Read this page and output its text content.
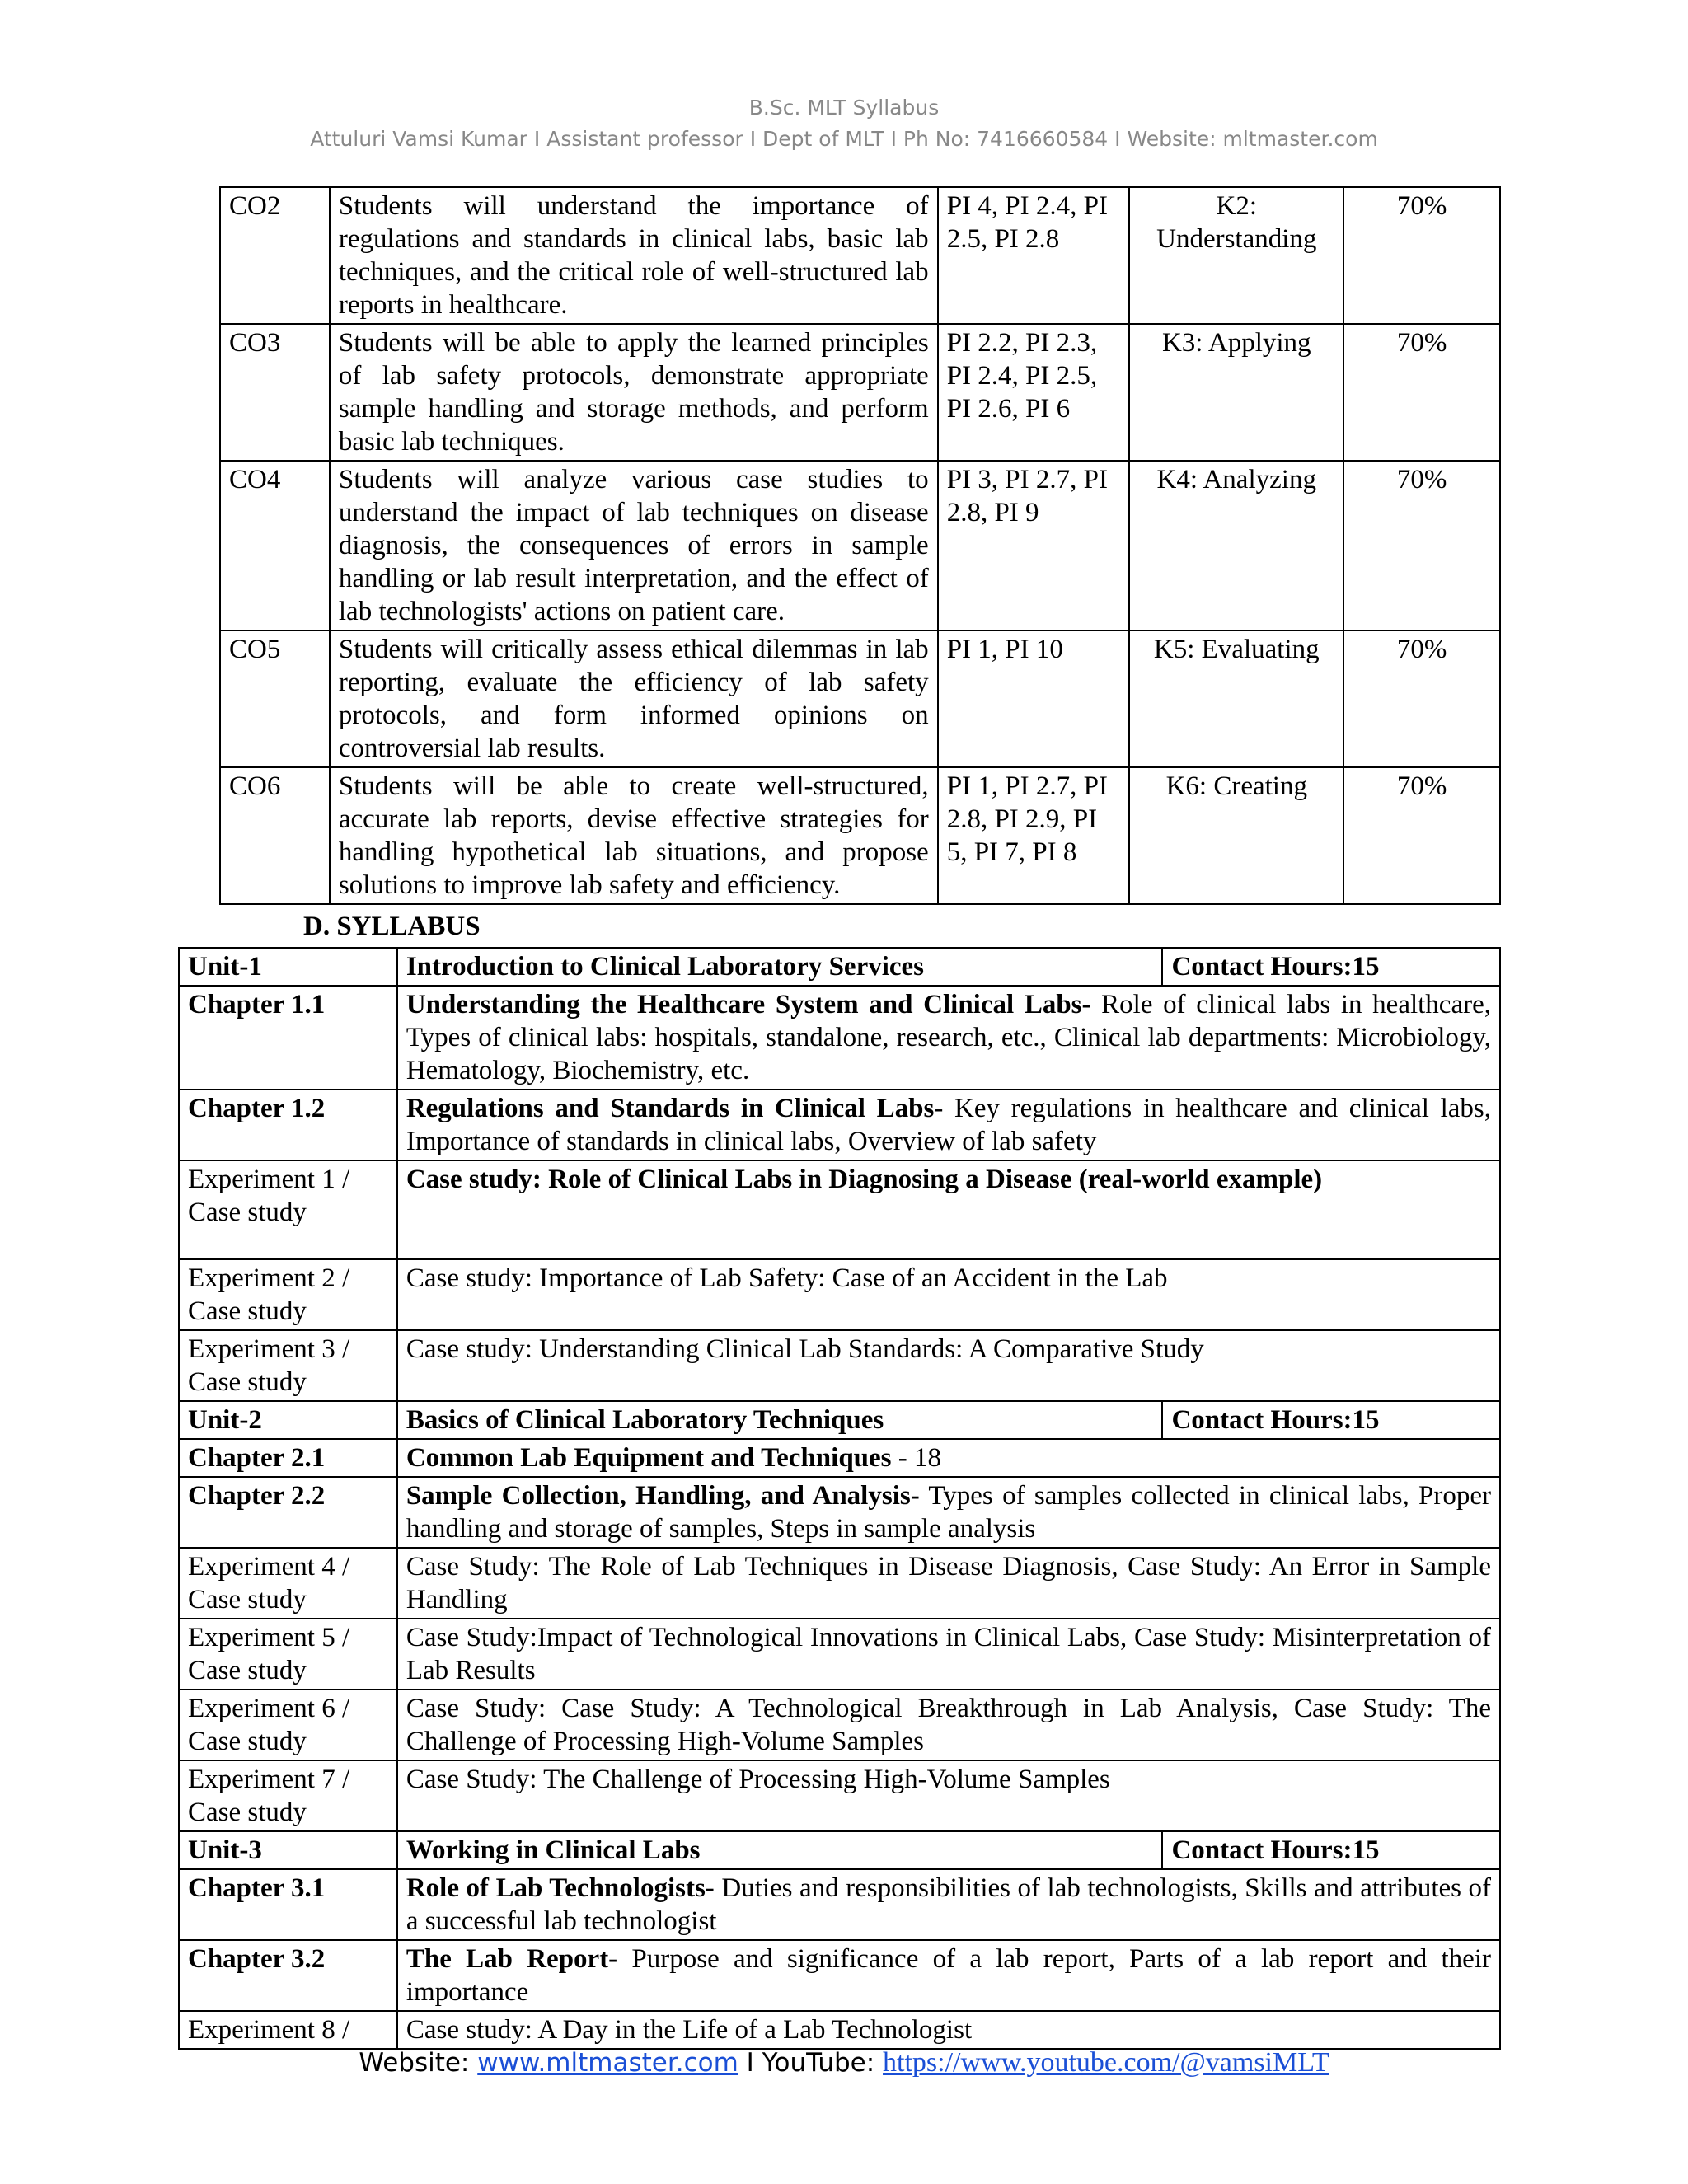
B.Sc. MLT Syllabus
Attuluri Vamsi Kumar I Assistant professor I Dept of MLT I Ph No: 7416660584 I Website: mltmaster.com
CO2	Students will understand the importance of regulations and standards in clinical labs, basic lab techniques, and the critical role of well-structured lab reports in healthcare.	PI 4, PI 2.4, PI 2.5, PI 2.8	K2: Understanding	70%
CO3	Students will be able to apply the learned principles of lab safety protocols, demonstrate appropriate sample handling and storage methods, and perform basic lab techniques.	PI 2.2, PI 2.3, PI 2.4, PI 2.5, PI 2.6, PI 6	K3: Applying	70%
CO4	Students will analyze various case studies to understand the impact of lab techniques on disease diagnosis, the consequences of errors in sample handling or lab result interpretation, and the effect of lab technologists' actions on patient care.	PI 3, PI 2.7, PI 2.8, PI 9	K4: Analyzing	70%
CO5	Students will critically assess ethical dilemmas in lab reporting, evaluate the efficiency of lab safety protocols, and form informed opinions on controversial lab results.	PI 1, PI 10	K5: Evaluating	70%
CO6	Students will be able to create well-structured, accurate lab reports, devise effective strategies for handling hypothetical lab situations, and propose solutions to improve lab safety and efficiency.	PI 1, PI 2.7, PI 2.8, PI 2.9, PI 5, PI 7, PI 8	K6: Creating	70%
D. SYLLABUS
Unit-1	Introduction to Clinical Laboratory Services	Contact Hours:15
Chapter 1.1	Understanding the Healthcare System and Clinical Labs- Role of clinical labs in healthcare, Types of clinical labs: hospitals, standalone, research, etc., Clinical lab departments: Microbiology, Hematology, Biochemistry, etc.	
Chapter 1.2	Regulations and Standards in Clinical Labs- Key regulations in healthcare and clinical labs, Importance of standards in clinical labs, Overview of lab safety	
Experiment 1 / Case study	Case study: Role of Clinical Labs in Diagnosing a Disease (real-world example)	
Experiment 2 / Case study	Case study: Importance of Lab Safety: Case of an Accident in the Lab	
Experiment 3 / Case study	Case study: Understanding Clinical Lab Standards: A Comparative Study	
Unit-2	Basics of Clinical Laboratory Techniques	Contact Hours:15
Chapter 2.1	Common Lab Equipment and Techniques - 18	
Chapter 2.2	Sample Collection, Handling, and Analysis- Types of samples collected in clinical labs, Proper handling and storage of samples, Steps in sample analysis	
Experiment 4 / Case study	Case Study: The Role of Lab Techniques in Disease Diagnosis, Case Study: An Error in Sample Handling	
Experiment 5 / Case study	Case Study:Impact of Technological Innovations in Clinical Labs, Case Study: Misinterpretation of Lab Results	
Experiment 6 / Case study	Case Study: Case Study: A Technological Breakthrough in Lab Analysis, Case Study: The Challenge of Processing High-Volume Samples	
Experiment 7 / Case study	Case Study: The Challenge of Processing High-Volume Samples	
Unit-3	Working in Clinical Labs	Contact Hours:15
Chapter 3.1	Role of Lab Technologists- Duties and responsibilities of lab technologists, Skills and attributes of a successful lab technologist	
Chapter 3.2	The Lab Report- Purpose and significance of a lab report, Parts of a lab report and their importance	
Experiment 8 /	Case study: A Day in the Life of a Lab Technologist	
Website: www.mltmaster.com I YouTube: https://www.youtube.com/@vamsiMLT
